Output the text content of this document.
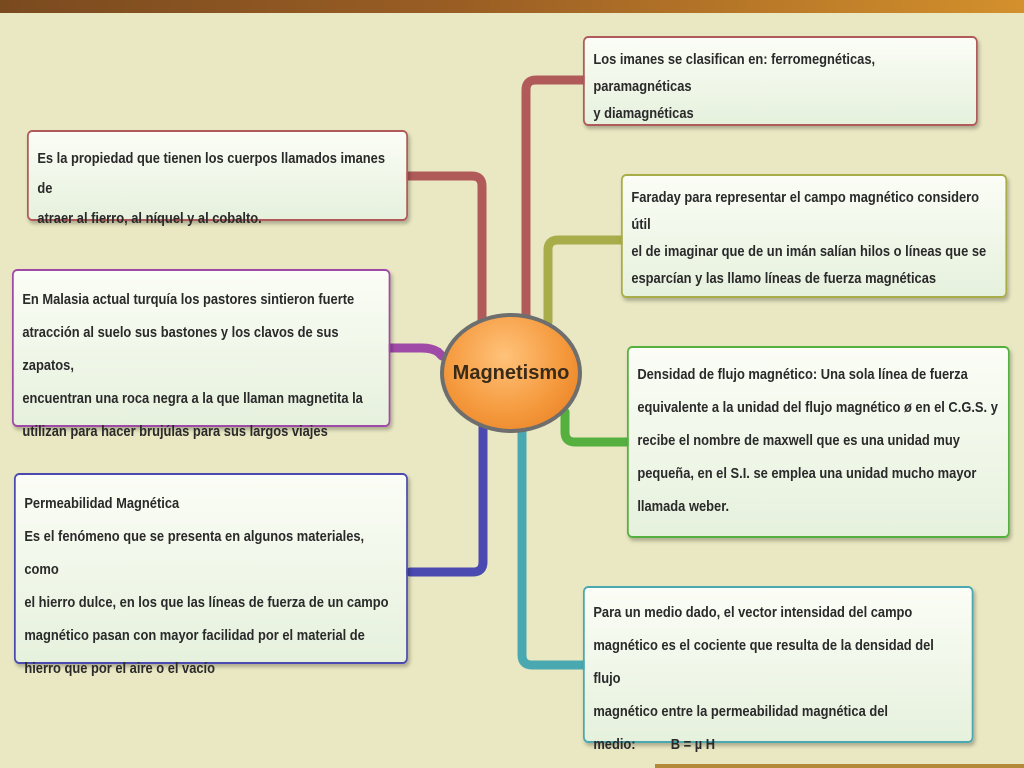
Magnetismo

Los imanes se clasifican en: ferromegnéticas, paramagnéticas

y diamagnéticas

Faraday para representar el campo magnético considero útil

el de imaginar que de un imán salían hilos o líneas que se

esparcían y las llamo líneas de fuerza magnéticas

Densidad de flujo magnético: Una sola línea de fuerza

equivalente a la unidad del flujo magnético ø en el C.G.S. y

recibe el nombre de maxwell que es una unidad muy

pequeña, en el S.I. se emplea una unidad mucho mayor

llamada weber.

Para un medio dado, el vector intensidad del campo

magnético es el cociente que resulta de la densidad del flujo

magnético entre la permeabilidad magnética del

medio:	B = µ H

Es la propiedad que tienen los cuerpos llamados imanes de

atraer al fierro, al níquel y al cobalto.

En Malasia actual turquía los pastores sintieron fuerte

atracción al suelo sus bastones y los clavos de sus zapatos,

encuentran una roca negra a la que llaman magnetita la

utilizan para hacer brujúlas para sus largos viajes

Permeabilidad Magnética

Es el fenómeno que se presenta en algunos materiales, como

el hierro dulce, en los que las líneas de fuerza de un campo

magnético pasan con mayor facilidad por el material de

hierro que por el aire o el vacío
